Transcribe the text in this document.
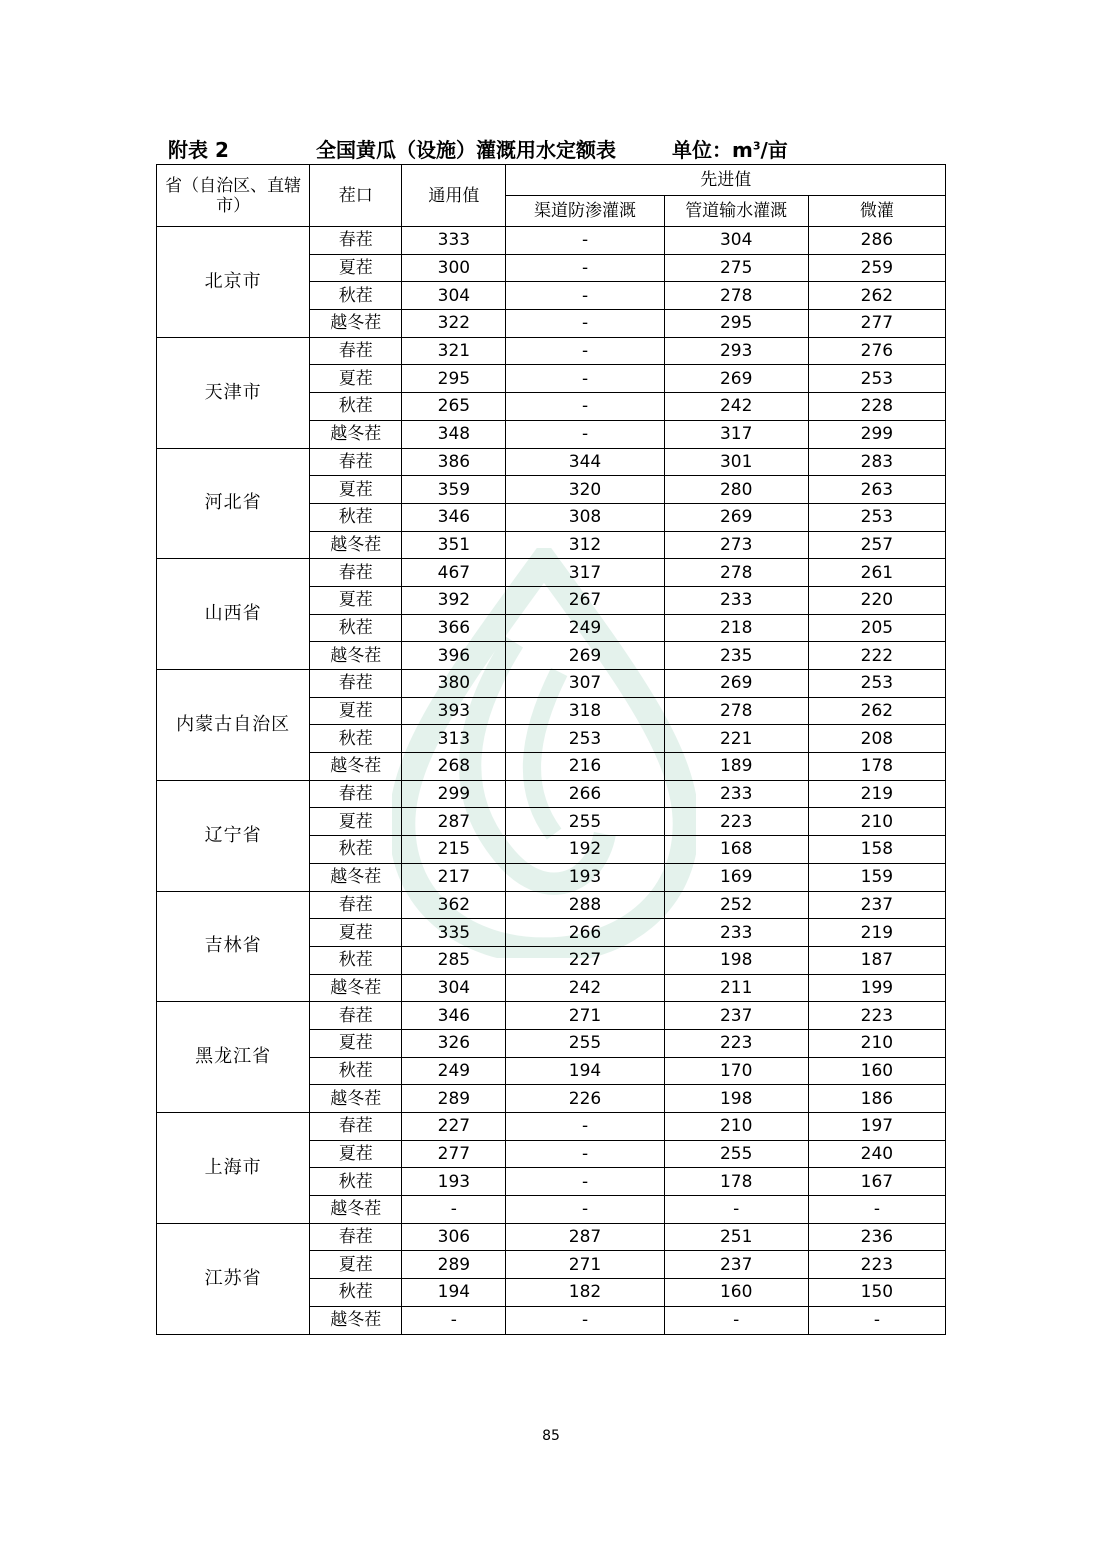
附表 2	全国黄瓜（设施）灌溉用水定额表	单位：$m^3/$亩
省（自治区、直辖市）	茬口	通用值	先进值		
			渠道防渗灌溉	管道输水灌溉	微灌
北京市	春茬	333	-	304	286
	夏茬	300	-	275	259
	秋茬	304	-	278	262
	越冬茬	322	-	295	277
天津市	春茬	321	-	293	276
	夏茬	295	-	269	253
	秋茬	265	-	242	228
	越冬茬	348	-	317	299
河北省	春茬	386	344	301	283
	夏茬	359	320	280	263
	秋茬	346	308	269	253
	越冬茬	351	312	273	257
山西省	春茬	467	317	278	261
	夏茬	392	267	233	220
	秋茬	366	249	218	205
	越冬茬	396	269	235	222
内蒙古自治区	春茬	380	307	269	253
	夏茬	393	318	278	262
	秋茬	313	253	221	208
	越冬茬	268	216	189	178
辽宁省	春茬	299	266	233	219
	夏茬	287	255	223	210
	秋茬	215	192	168	158
	越冬茬	217	193	169	159
吉林省	春茬	362	288	252	237
	夏茬	335	266	233	219
	秋茬	285	227	198	187
	越冬茬	304	242	211	199
黑龙江省	春茬	346	271	237	223
	夏茬	326	255	223	210
	秋茬	249	194	170	160
	越冬茬	289	226	198	186
上海市	春茬	227	-	210	197
	夏茬	277	-	255	240
	秋茬	193	-	178	167
	越冬茬	-	-	-	-
江苏省	春茬	306	287	251	236
	夏茬	289	271	237	223
	秋茬	194	182	160	150
	越冬茬	-	-	-	-
85
